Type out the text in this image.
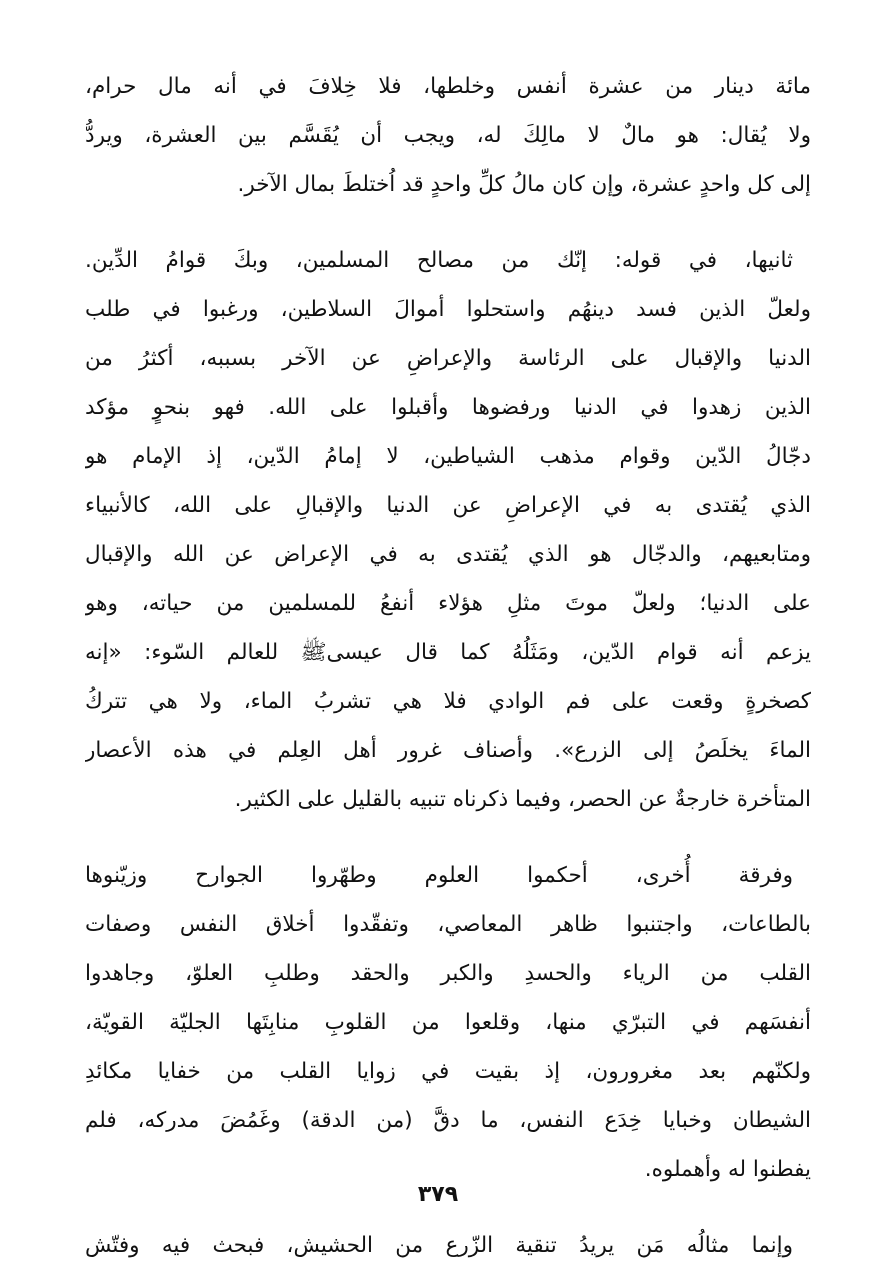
مائة دينار من عشرة أنفس وخلطها، فلا خِلافَ في أنه مال حرام،
ولا يُقال: هو مالٌ لا مالِكَ له، ويجب أن يُقَسَّم بين العشرة، ويردُّ
إلى كل واحدٍ عشرة، وإن كان مالُ كلِّ واحدٍ قد اُختلطَ بمال الآخر.
ثانيها، في قوله: إنّك من مصالح المسلمين، وبكَ قوامُ الدِّين.
ولعلّ الذين فسد دينهُم واستحلوا أموالَ السلاطين، ورغبوا في طلب
الدنيا والإقبال على الرئاسة والإعراضِ عن الآخر بسببه، أكثرُ من
الذين زهدوا في الدنيا ورفضوها وأقبلوا على الله. فهو بنحوٍ مؤكد
دجّالُ الدّين وقوام مذهب الشياطين، لا إمامُ الدّين، إذ الإمام هو
الذي يُقتدى به في الإعراضِ عن الدنيا والإقبالِ على الله، كالأنبياء
ومتابعيهم، والدجّال هو الذي يُقتدى به في الإعراض عن الله والإقبال
على الدنيا؛ ولعلّ موتَ مثلِ هؤلاء أنفعُ للمسلمين من حياته، وهو
يزعم أنه قوام الدّين، ومَثَلُهُ كما قال عيسىﷺ للعالم السّوء: «إنه
كصخرةٍ وقعت على فم الوادي فلا هي تشربُ الماء، ولا هي تتركُ
الماءَ يخلَصُ إلى الزرع». وأصناف غرور أهل العِلم في هذه الأعصار
المتأخرة خارجةٌ عن الحصر، وفيما ذكرناه تنبيه بالقليل على الكثير.
وفرقة أُخرى، أحكموا العلوم وطهّروا الجوارح وزيّنوها
بالطاعات، واجتنبوا ظاهر المعاصي، وتفقّدوا أخلاق النفس وصفات
القلب من الرياء والحسدِ والكبر والحقد وطلبِ العلوّ، وجاهدوا
أنفسَهم في التبرّي منها، وقلعوا من القلوبِ منابِتَها الجليّة القويّة،
ولكنّهم بعد مغرورون، إذ بقيت في زوايا القلب من خفايا مكائدِ
الشيطان وخبايا خِدَع النفس، ما دقَّ (من الدقة) وغَمُضَ مدركه، فلم
يفطنوا له وأهملوه.
وإنما مثالُه مَن يريدُ تنقية الزّرع من الحشيش، فبحث فيه وفتّش
٣٧٩
